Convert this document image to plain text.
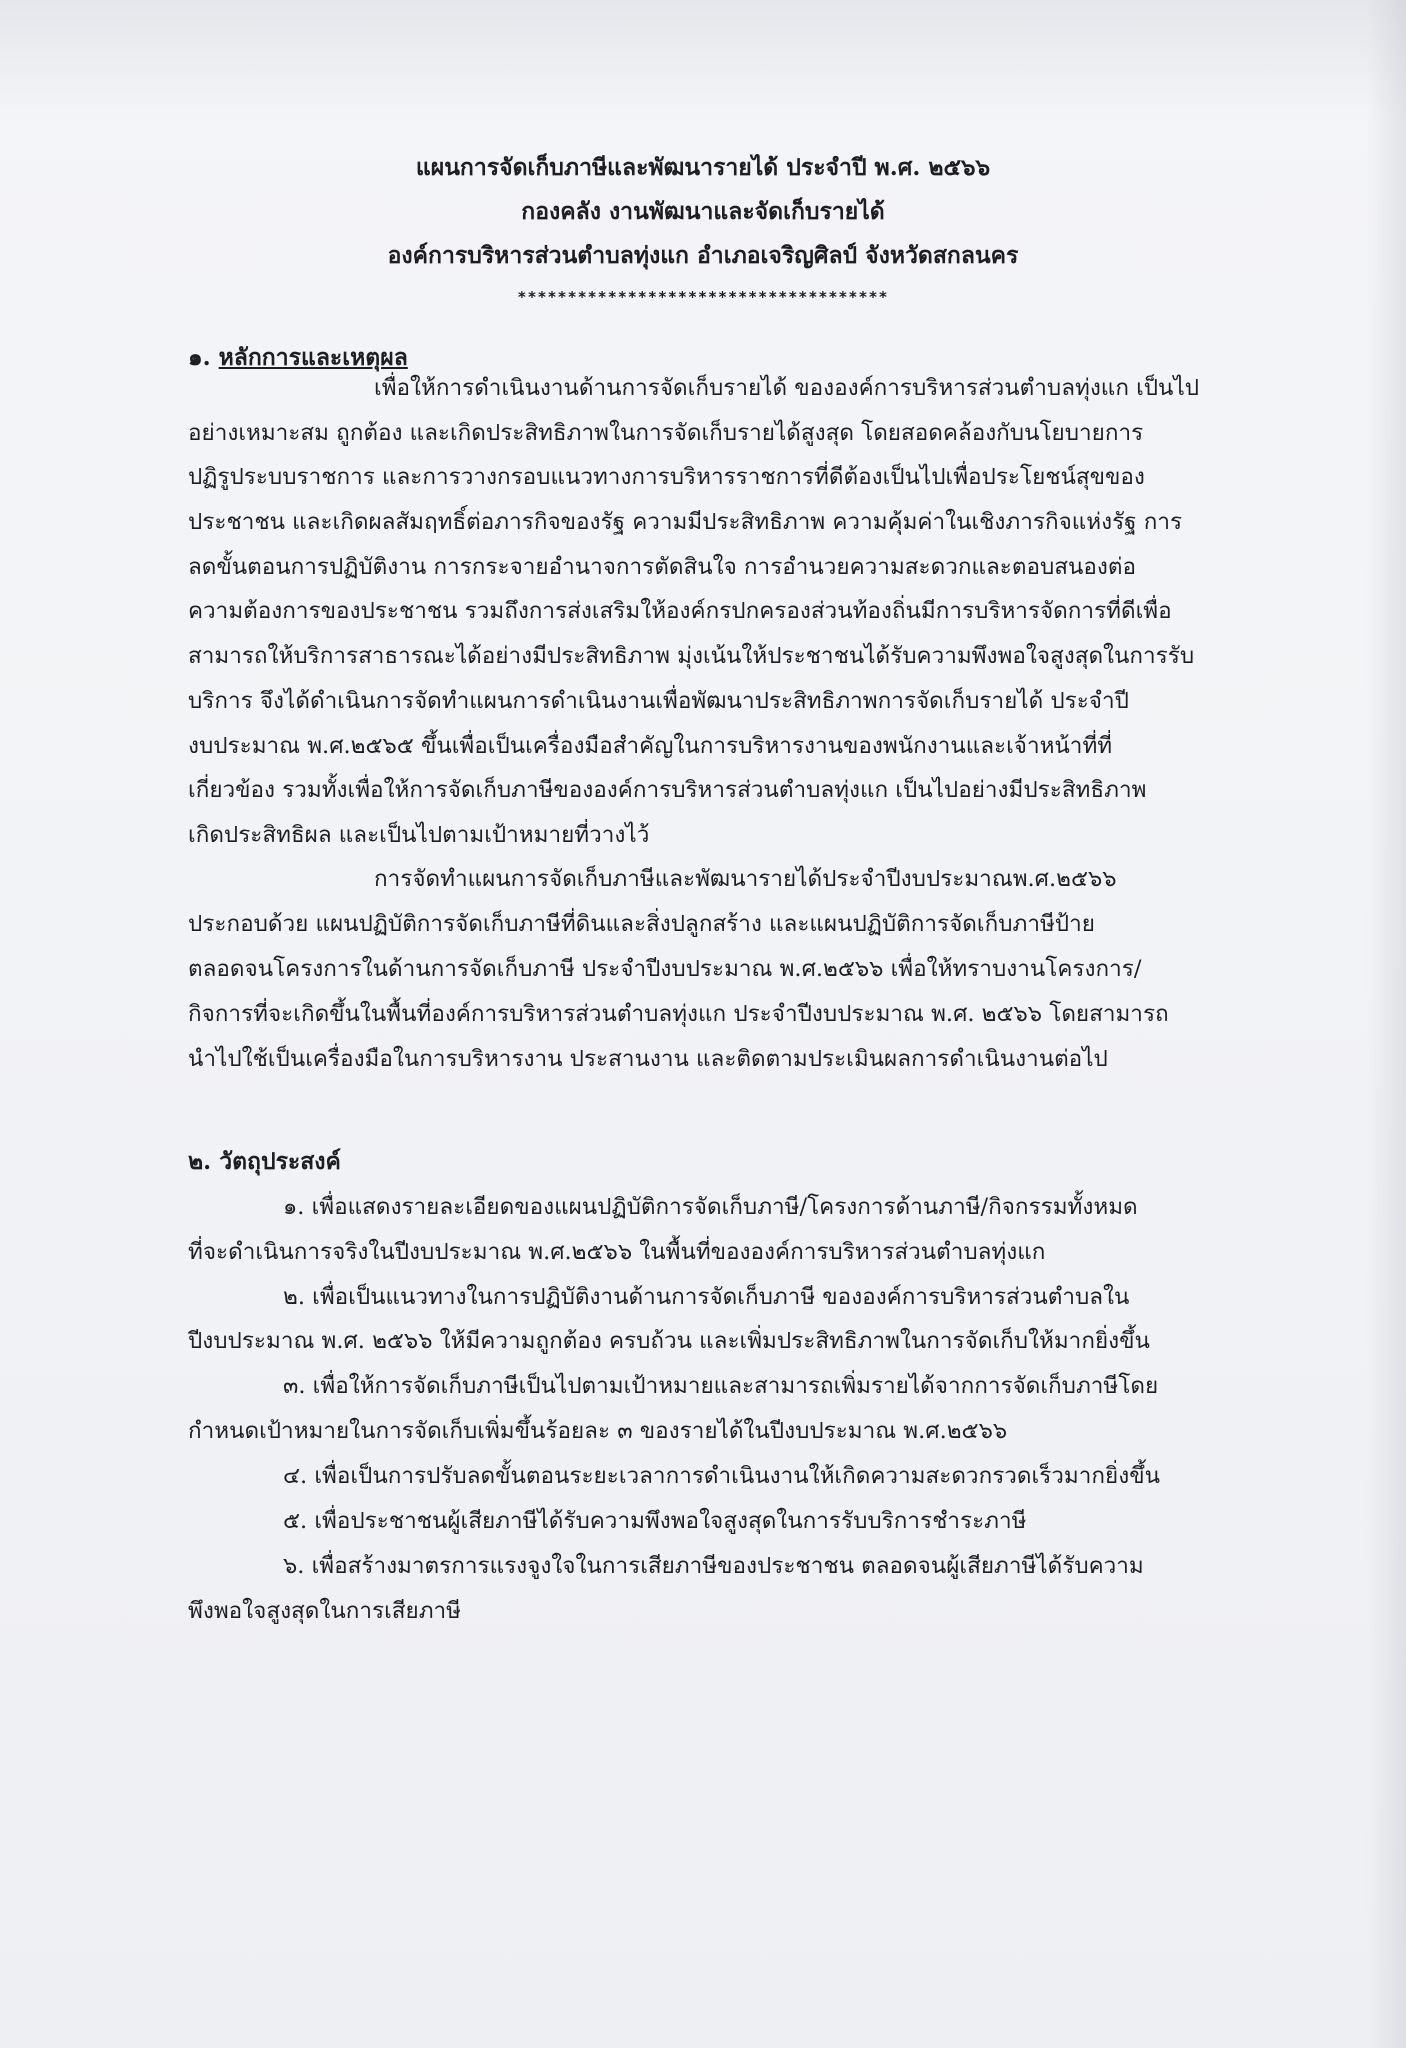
แผนการจัดเก็บภาษีและพัฒนารายได้ ประจำปี พ.ศ. ๒๕๖๖
กองคลัง งานพัฒนาและจัดเก็บรายได้
องค์การบริหารส่วนตำบลทุ่งแก อำเภอเจริญศิลป์ จังหวัดสกลนคร
*************************************
๑. หลักการและเหตุผล
เพื่อให้การดำเนินงานด้านการจัดเก็บรายได้ ขององค์การบริหารส่วนตำบลทุ่งแก เป็นไป
อย่างเหมาะสม ถูกต้อง และเกิดประสิทธิภาพในการจัดเก็บรายได้สูงสุด โดยสอดคล้องกับนโยบายการ
ปฏิรูประบบราชการ และการวางกรอบแนวทางการบริหารราชการที่ดีต้องเป็นไปเพื่อประโยชน์สุขของ
ประชาชน และเกิดผลสัมฤทธิ์ต่อภารกิจของรัฐ ความมีประสิทธิภาพ ความคุ้มค่าในเชิงภารกิจแห่งรัฐ การ
ลดขั้นตอนการปฏิบัติงาน การกระจายอำนาจการตัดสินใจ การอำนวยความสะดวกและตอบสนองต่อ
ความต้องการของประชาชน รวมถึงการส่งเสริมให้องค์กรปกครองส่วนท้องถิ่นมีการบริหารจัดการที่ดีเพื่อ
สามารถให้บริการสาธารณะได้อย่างมีประสิทธิภาพ มุ่งเน้นให้ประชาชนได้รับความพึงพอใจสูงสุดในการรับ
บริการ จึงได้ดำเนินการจัดทำแผนการดำเนินงานเพื่อพัฒนาประสิทธิภาพการจัดเก็บรายได้ ประจำปี
งบประมาณ พ.ศ.๒๕๖๕ ขึ้นเพื่อเป็นเครื่องมือสำคัญในการบริหารงานของพนักงานและเจ้าหน้าที่ที่
เกี่ยวข้อง รวมทั้งเพื่อให้การจัดเก็บภาษีขององค์การบริหารส่วนตำบลทุ่งแก เป็นไปอย่างมีประสิทธิภาพ
เกิดประสิทธิผล และเป็นไปตามเป้าหมายที่วางไว้
การจัดทำแผนการจัดเก็บภาษีและพัฒนารายได้ประจำปีงบประมาณพ.ศ.๒๕๖๖
ประกอบด้วย แผนปฏิบัติการจัดเก็บภาษีที่ดินและสิ่งปลูกสร้าง และแผนปฏิบัติการจัดเก็บภาษีป้าย
ตลอดจนโครงการในด้านการจัดเก็บภาษี ประจำปีงบประมาณ พ.ศ.๒๕๖๖ เพื่อให้ทราบงานโครงการ/
กิจการที่จะเกิดขึ้นในพื้นที่องค์การบริหารส่วนตำบลทุ่งแก ประจำปีงบประมาณ พ.ศ. ๒๕๖๖ โดยสามารถ
นำไปใช้เป็นเครื่องมือในการบริหารงาน ประสานงาน และติดตามประเมินผลการดำเนินงานต่อไป
๒. วัตถุประสงค์
๑. เพื่อแสดงรายละเอียดของแผนปฏิบัติการจัดเก็บภาษี/โครงการด้านภาษี/กิจกรรมทั้งหมด
ที่จะดำเนินการจริงในปีงบประมาณ พ.ศ.๒๕๖๖ ในพื้นที่ขององค์การบริหารส่วนตำบลทุ่งแก
๒. เพื่อเป็นแนวทางในการปฏิบัติงานด้านการจัดเก็บภาษี ขององค์การบริหารส่วนตำบลใน
ปีงบประมาณ พ.ศ. ๒๕๖๖ ให้มีความถูกต้อง ครบถ้วน และเพิ่มประสิทธิภาพในการจัดเก็บให้มากยิ่งขึ้น
๓. เพื่อให้การจัดเก็บภาษีเป็นไปตามเป้าหมายและสามารถเพิ่มรายได้จากการจัดเก็บภาษีโดย
กำหนดเป้าหมายในการจัดเก็บเพิ่มขึ้นร้อยละ ๓ ของรายได้ในปีงบประมาณ พ.ศ.๒๕๖๖
๔. เพื่อเป็นการปรับลดขั้นตอนระยะเวลาการดำเนินงานให้เกิดความสะดวกรวดเร็วมากยิ่งขึ้น
๕. เพื่อประชาชนผู้เสียภาษีได้รับความพึงพอใจสูงสุดในการรับบริการชำระภาษี
๖. เพื่อสร้างมาตรการแรงจูงใจในการเสียภาษีของประชาชน ตลอดจนผู้เสียภาษีได้รับความ
พึงพอใจสูงสุดในการเสียภาษี
